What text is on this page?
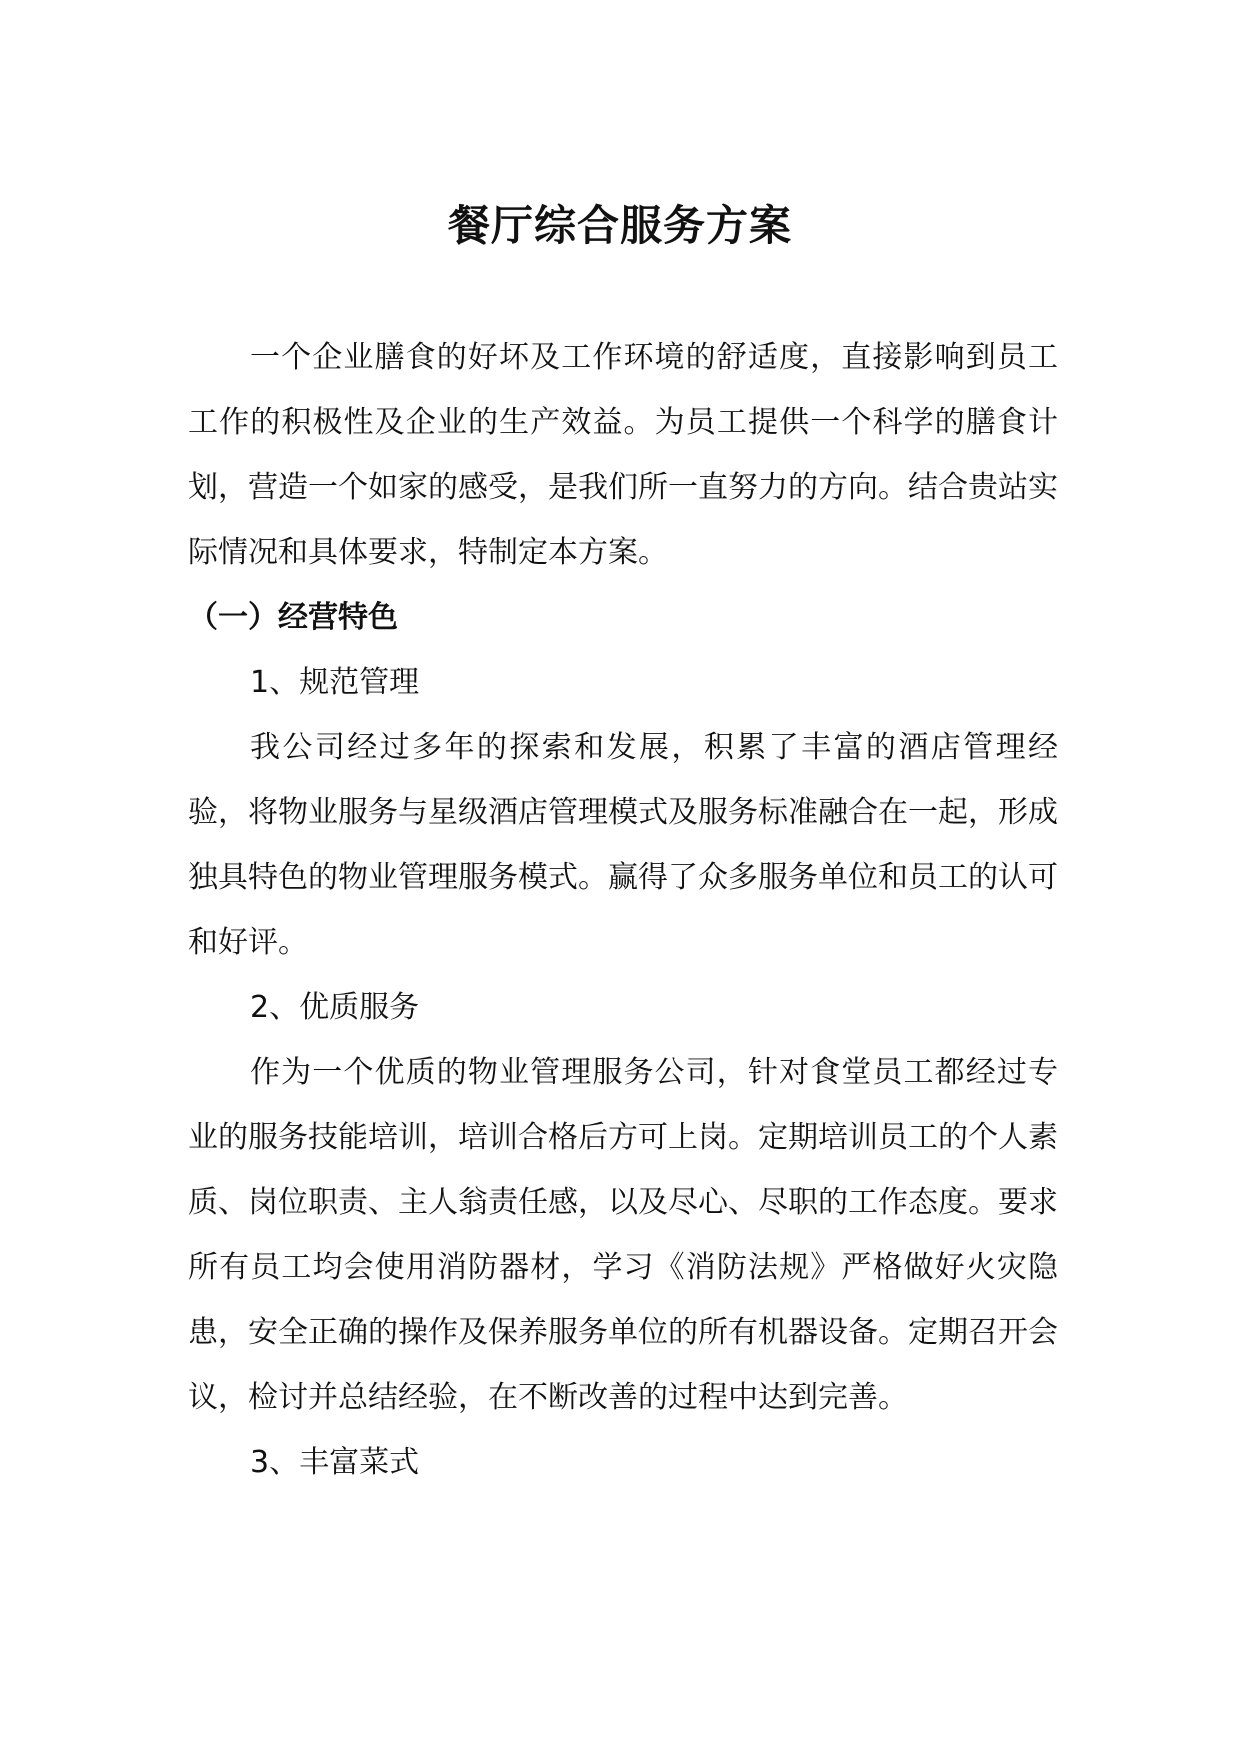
餐厅综合服务方案

一个企业膳食的好坏及工作环境的舒适度，直接影响到员工工作的积极性及企业的生产效益。为员工提供一个科学的膳食计划，营造一个如家的感受，是我们所一直努力的方向。结合贵站实际情况和具体要求，特制定本方案。

（一）经营特色

1、规范管理

我公司经过多年的探索和发展，积累了丰富的酒店管理经验，将物业服务与星级酒店管理模式及服务标准融合在一起，形成独具特色的物业管理服务模式。赢得了众多服务单位和员工的认可和好评。

2、优质服务

作为一个优质的物业管理服务公司，针对食堂员工都经过专业的服务技能培训，培训合格后方可上岗。定期培训员工的个人素质、岗位职责、主人翁责任感，以及尽心、尽职的工作态度。要求所有员工均会使用消防器材，学习《消防法规》严格做好火灾隐患，安全正确的操作及保养服务单位的所有机器设备。定期召开会议，检讨并总结经验，在不断改善的过程中达到完善。

3、丰富菜式
